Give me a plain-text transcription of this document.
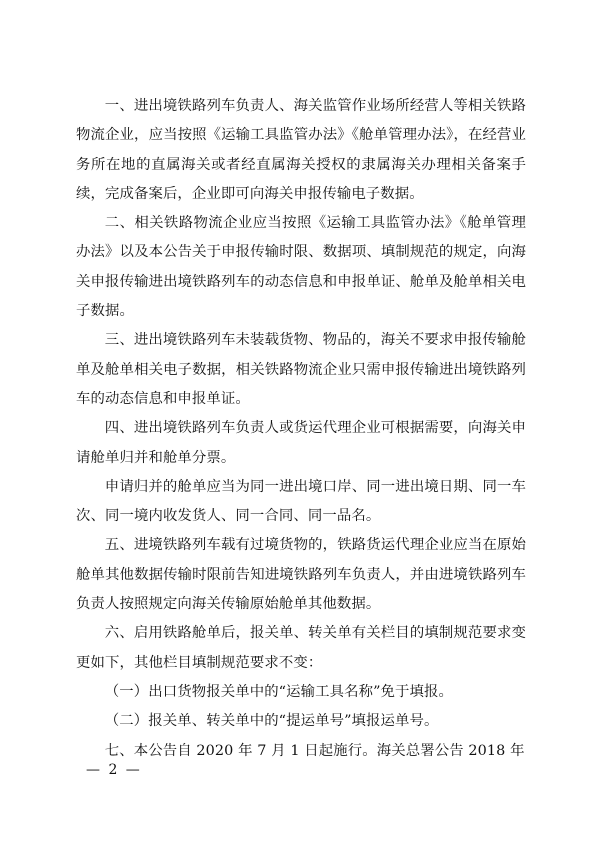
一、进出境铁路列车负责人、海关监管作业场所经营人等相关铁路物流企业，应当按照《运输工具监管办法》《舱单管理办法》，在经营业务所在地的直属海关或者经直属海关授权的隶属海关办理相关备案手续，完成备案后，企业即可向海关申报传输电子数据。

二、相关铁路物流企业应当按照《运输工具监管办法》《舱单管理办法》以及本公告关于申报传输时限、数据项、填制规范的规定，向海关申报传输进出境铁路列车的动态信息和申报单证、舱单及舱单相关电子数据。

三、进出境铁路列车未装载货物、物品的，海关不要求申报传输舱单及舱单相关电子数据，相关铁路物流企业只需申报传输进出境铁路列车的动态信息和申报单证。

四、进出境铁路列车负责人或货运代理企业可根据需要，向海关申请舱单归并和舱单分票。

申请归并的舱单应当为同一进出境口岸、同一进出境日期、同一车次、同一境内收发货人、同一合同、同一品名。

五、进境铁路列车载有过境货物的，铁路货运代理企业应当在原始舱单其他数据传输时限前告知进境铁路列车负责人，并由进境铁路列车负责人按照规定向海关传输原始舱单其他数据。

六、启用铁路舱单后，报关单、转关单有关栏目的填制规范要求变更如下，其他栏目填制规范要求不变：

（一）出口货物报关单中的“运输工具名称”免于填报。

（二）报关单、转关单中的“提运单号”填报运单号。

七、本公告自 2020 年 7 月 1 日起施行。海关总署公告 2018 年

— 2 —
